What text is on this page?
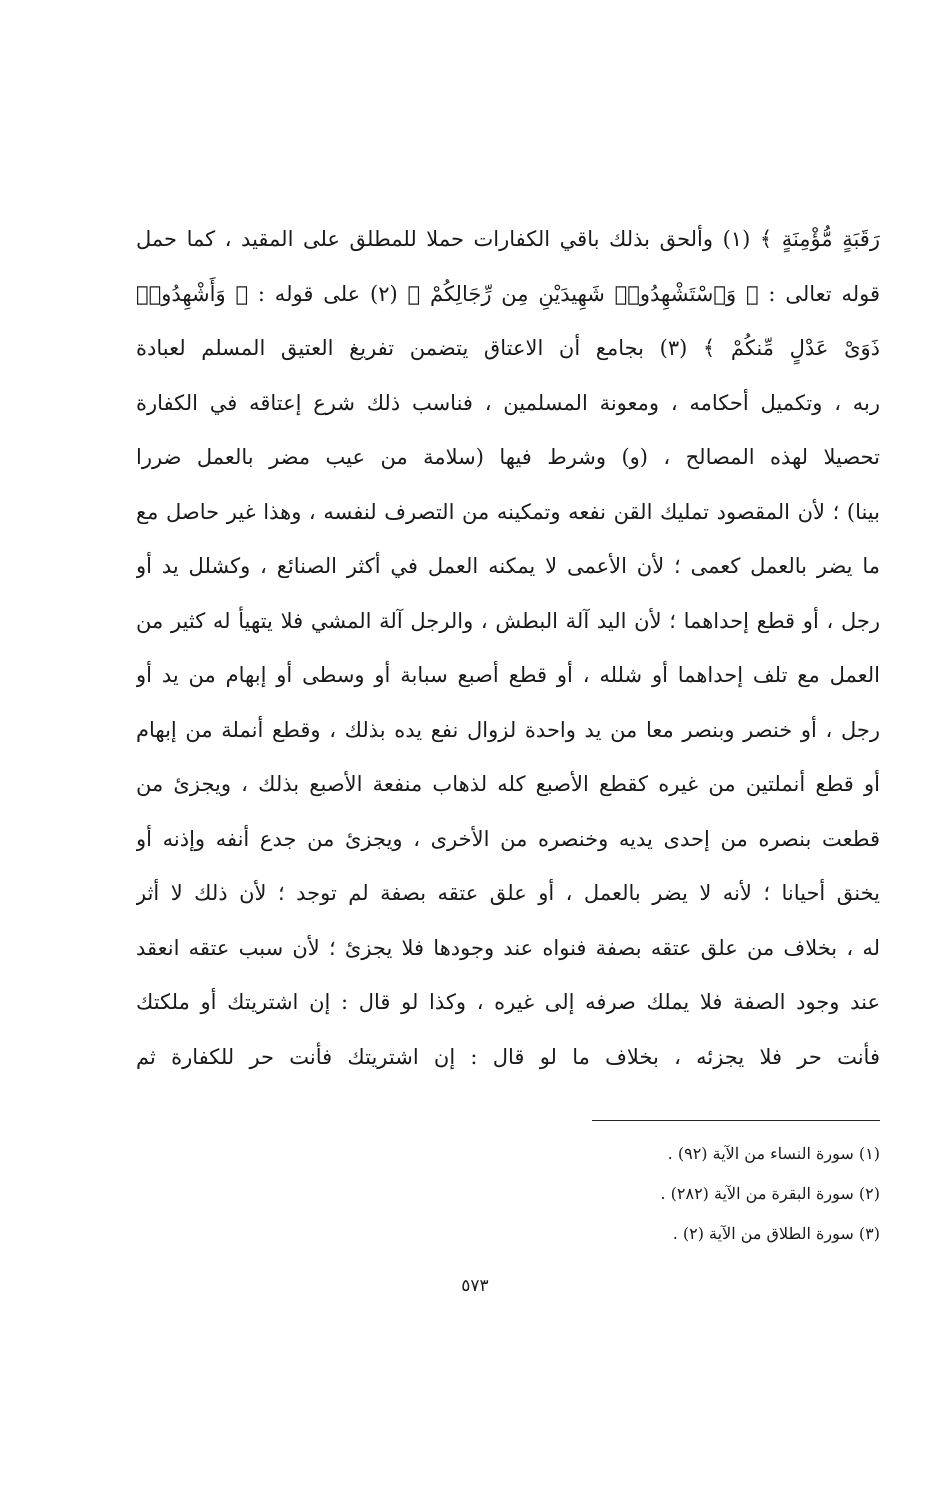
رَقَبَةٍ مُّؤْمِنَةٍ ﴾ (١) وألحق بذلك باقي الكفارات حملا للمطلق على المقيد ، كما حمل
قوله تعالى : ﴿ وَٱسْتَشْهِدُوا۟ شَهِيدَيْنِ مِن رِّجَالِكُمْ ﴾ (٢) على قوله : ﴿ وَأَشْهِدُوا۟
ذَوَىْ عَدْلٍ مِّنكُمْ ﴾ (٣) بجامع أن الاعتاق يتضمن تفريغ العتيق المسلم لعبادة
ربه ، وتكميل أحكامه ، ومعونة المسلمين ، فناسب ذلك شرع إعتاقه في الكفارة
تحصيلا لهذه المصالح ، (و) وشرط فيها (سلامة من عيب مضر بالعمل ضررا
بينا) ؛ لأن المقصود تمليك القن نفعه وتمكينه من التصرف لنفسه ، وهذا غير حاصل مع
ما يضر بالعمل كعمى ؛ لأن الأعمى لا يمكنه العمل في أكثر الصنائع ، وكشلل يد أو
رجل ، أو قطع إحداهما ؛ لأن اليد آلة البطش ، والرجل آلة المشي فلا يتهيأ له كثير من
العمل مع تلف إحداهما أو شلله ، أو قطع أصبع سبابة أو وسطى أو إبهام من يد أو
رجل ، أو خنصر وبنصر معا من يد واحدة لزوال نفع يده بذلك ، وقطع أنملة من إبهام
أو قطع أنملتين من غيره كقطع الأصبع كله لذهاب منفعة الأصبع بذلك ، ويجزئ من
قطعت بنصره من إحدى يديه وخنصره من الأخرى ، ويجزئ من جدع أنفه وإذنه أو
يخنق أحيانا ؛ لأنه لا يضر بالعمل ، أو علق عتقه بصفة لم توجد ؛ لأن ذلك لا أثر
له ، بخلاف من علق عتقه بصفة فنواه عند وجودها فلا يجزئ ؛ لأن سبب عتقه انعقد
عند وجود الصفة فلا يملك صرفه إلى غيره ، وكذا لو قال : إن اشتريتك أو ملكتك
فأنت حر فلا يجزئه ، بخلاف ما لو قال : إن اشتريتك فأنت حر للكفارة ثم
(١) سورة النساء من الآية (٩٢) .
(٢) سورة البقرة من الآية (٢٨٢) .
(٣) سورة الطلاق من الآية (٢) .
٥٧٣
